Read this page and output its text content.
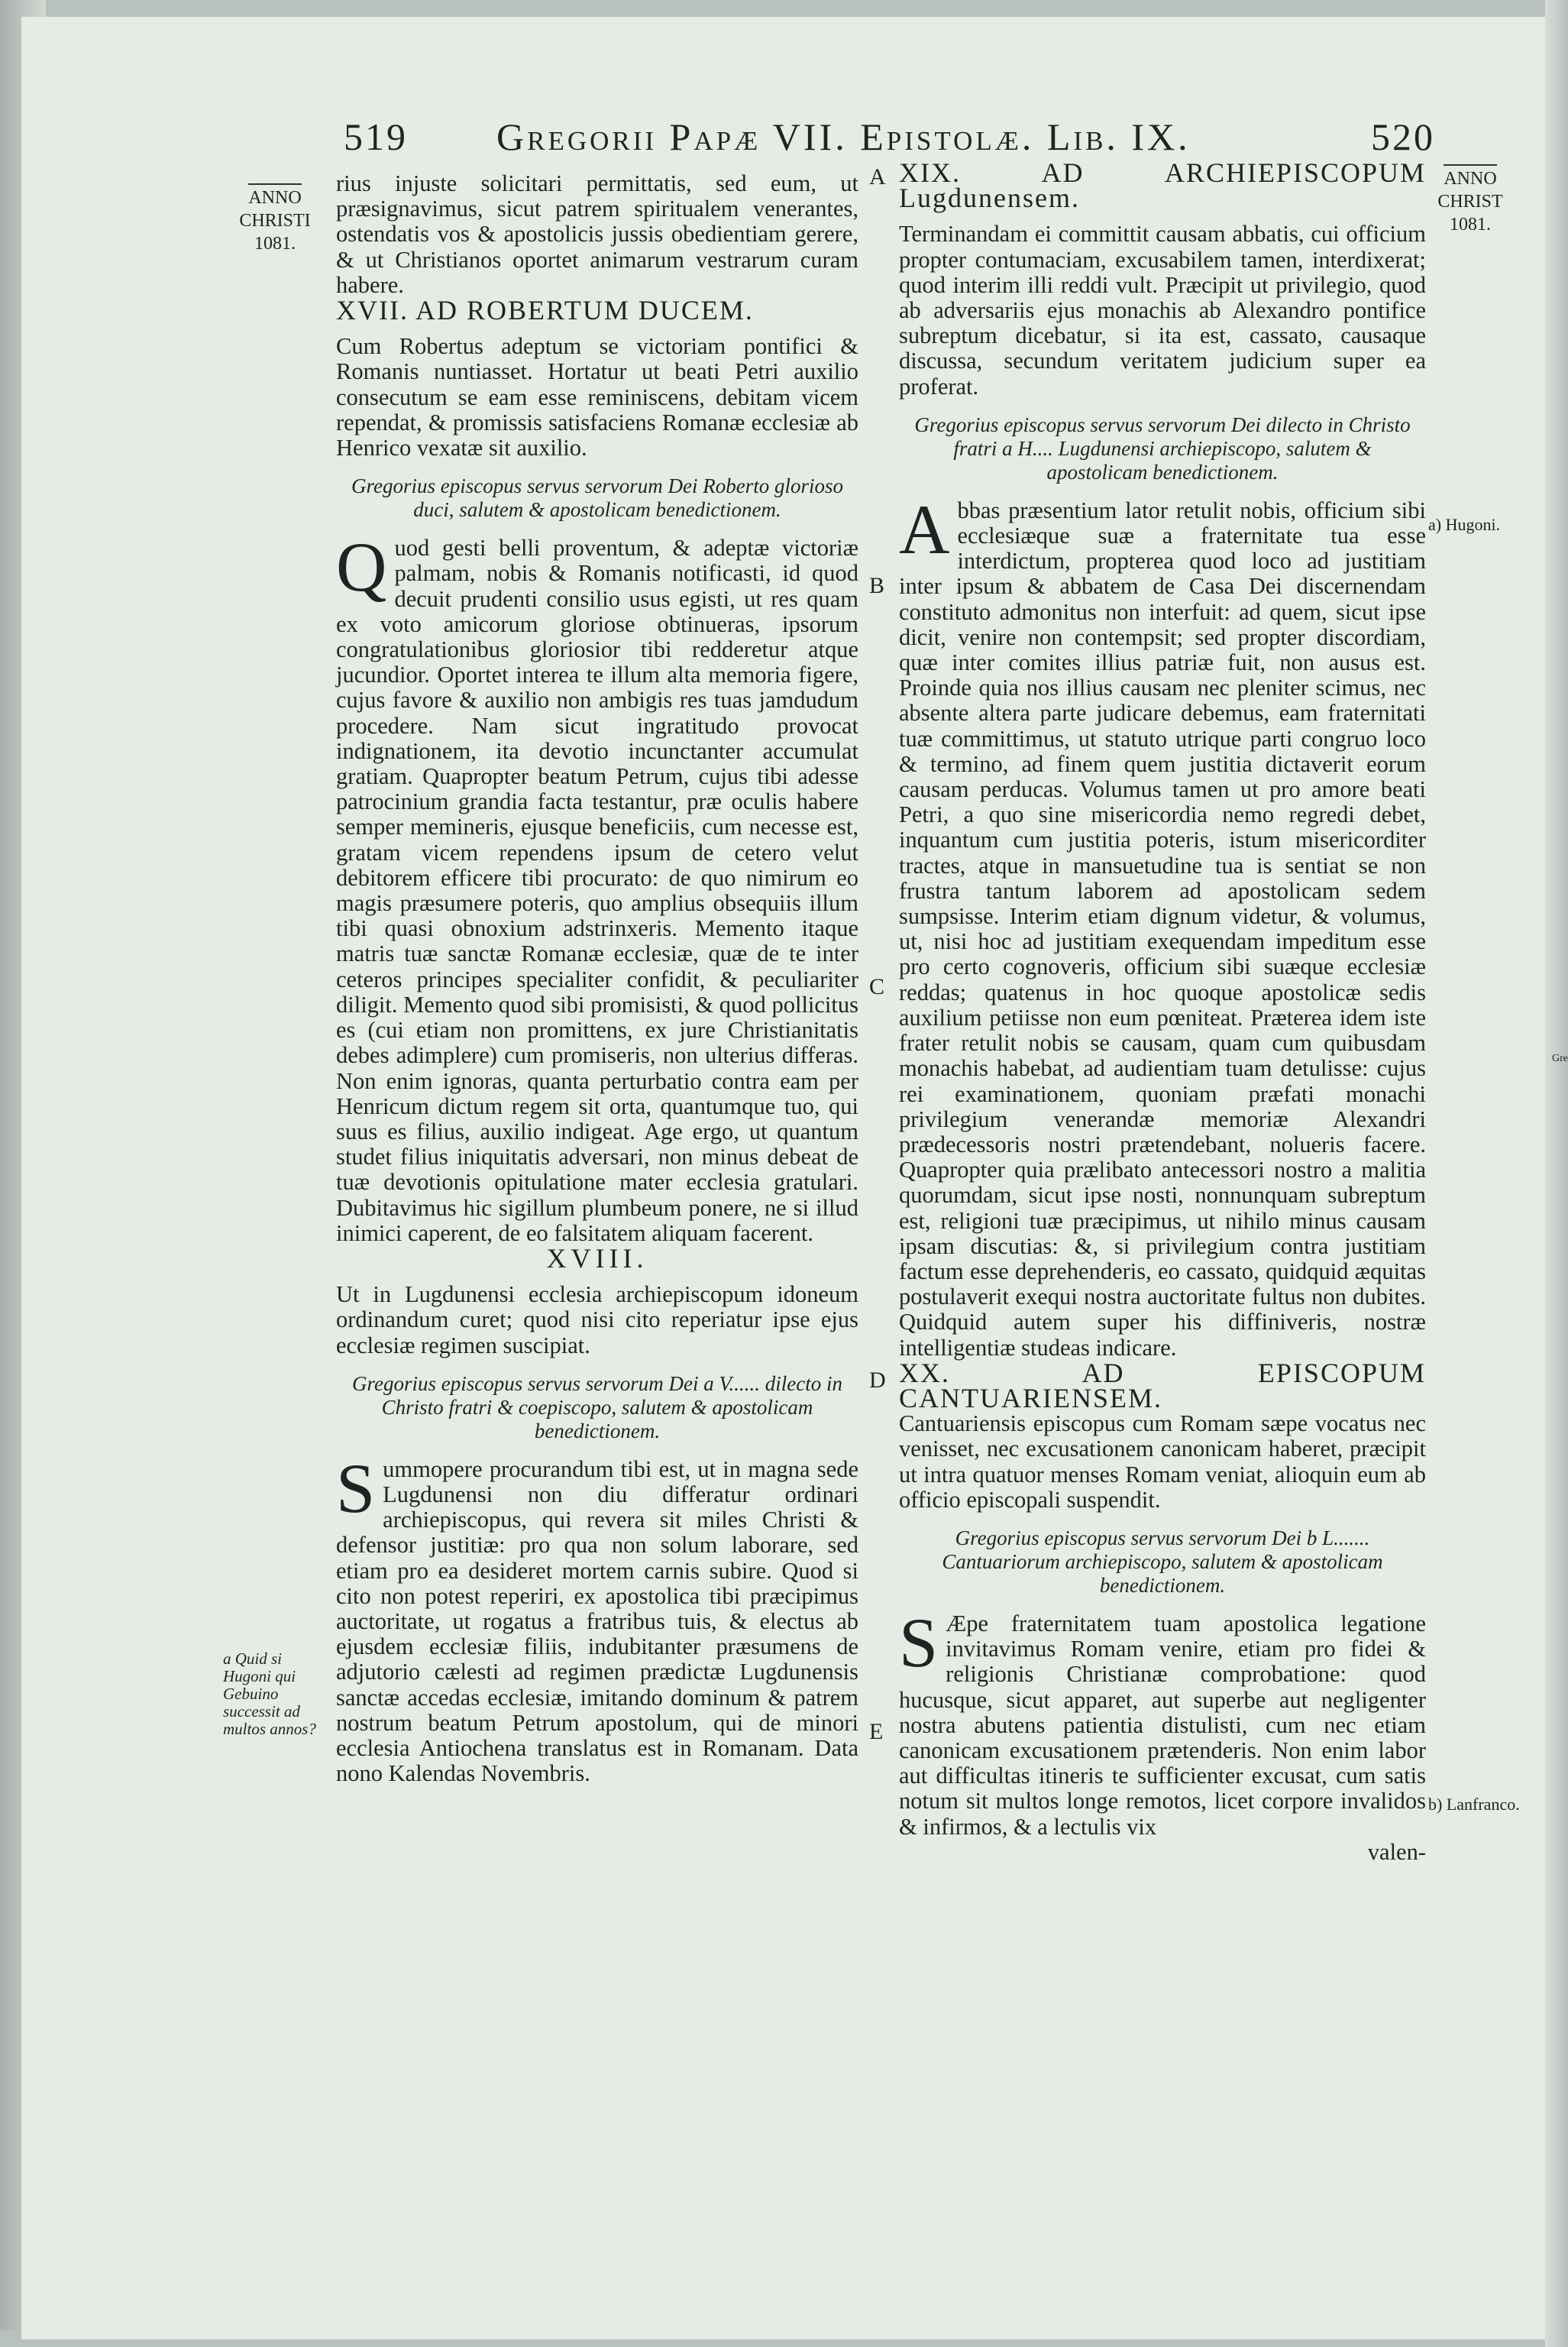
519 Gregorii Papæ VII. Epistolæ. Lib. IX.	520
ANNO
CHRISTI
1081.
ANNO
CHRIST
1081.
a) Hugoni.
b) Lanfranco.
a Quid si Hugoni qui Gebuino successit ad multos annos?
Gre
A
B
C
D
E

rius injuste solicitari permittatis, sed eum, ut præsignavimus, sicut patrem spiritualem venerantes, ostendatis vos & apostolicis jussis obedientiam gerere, & ut Christianos oportet animarum vestrarum curam habere.

XVII. AD ROBERTUM DUCEM.

Cum Robertus adeptum se victoriam pontifici & Romanis nuntiasset. Hortatur ut beati Petri auxilio consecutum se eam esse reminiscens, debitam vicem rependat, & promissis satisfaciens Romanæ ecclesiæ ab Henrico vexatæ sit auxilio.

Gregorius episcopus servus servorum Dei Roberto glorioso duci, salutem & apostolicam benedictionem.

Quod gesti belli proventum, & adeptæ victoriæ palmam, nobis & Romanis notificasti, id quod decuit prudenti consilio usus egisti, ut res quam ex voto amicorum gloriose obtinueras, ipsorum congratulationibus gloriosior tibi redderetur atque jucundior. Oportet interea te illum alta memoria figere, cujus favore & auxilio non ambigis res tuas jamdudum procedere. Nam sicut ingratitudo provocat indignationem, ita devotio incunctanter accumulat gratiam. Quapropter beatum Petrum, cujus tibi adesse patrocinium grandia facta testantur, præ oculis habere semper memineris, ejusque beneficiis, cum necesse est, gratam vicem rependens ipsum de cetero velut debitorem efficere tibi procurato: de quo nimirum eo magis præsumere poteris, quo amplius obsequiis illum tibi quasi obnoxium adstrinxeris. Memento itaque matris tuæ sanctæ Romanæ ecclesiæ, quæ de te inter ceteros principes specialiter confidit, & peculiariter diligit. Memento quod sibi promisisti, & quod pollicitus es (cui etiam non promittens, ex jure Christianitatis debes adimplere) cum promiseris, non ulterius differas. Non enim ignoras, quanta perturbatio contra eam per Henricum dictum regem sit orta, quantumque tuo, qui suus es filius, auxilio indigeat. Age ergo, ut quantum studet filius iniquitatis adversari, non minus debeat de tuæ devotionis opitulatione mater ecclesia gratulari. Dubitavimus hic sigillum plumbeum ponere, ne si illud inimici caperent, de eo falsitatem aliquam facerent.

XVIII.

Ut in Lugdunensi ecclesia archiepiscopum idoneum ordinandum curet; quod nisi cito reperiatur ipse ejus ecclesiæ regimen suscipiat.

Gregorius episcopus servus servorum Dei a V...... dilecto in Christo fratri & coepiscopo, salutem & apostolicam benedictionem.

Summopere procurandum tibi est, ut in magna sede Lugdunensi non diu differatur ordinari archiepiscopus, qui revera sit miles Christi & defensor justitiæ: pro qua non solum laborare, sed etiam pro ea desideret mortem carnis subire. Quod si cito non potest reperiri, ex apostolica tibi præcipimus auctoritate, ut rogatus a fratribus tuis, & electus ab ejusdem ecclesiæ filiis, indubitanter præsumens de adjutorio cælesti ad regimen prædictæ Lugdunensis sanctæ accedas ecclesiæ, imitando dominum & patrem nostrum beatum Petrum apostolum, qui de minori ecclesia Antiochena translatus est in Romanam. Data nono Kalendas Novembris.

XIX. AD ARCHIEPISCOPUM Lugdunensem.

Terminandam ei committit causam abbatis, cui officium propter contumaciam, excusabilem tamen, interdixerat; quod interim illi reddi vult. Præcipit ut privilegio, quod ab adversariis ejus monachis ab Alexandro pontifice subreptum dicebatur, si ita est, cassato, causaque discussa, secundum veritatem judicium super ea proferat.

Gregorius episcopus servus servorum Dei dilecto in Christo fratri a H.... Lugdunensi archiepiscopo, salutem & apostolicam benedictionem.

Abbas præsentium lator retulit nobis, officium sibi ecclesiæque suæ a fraternitate tua esse interdictum, propterea quod loco ad justitiam inter ipsum & abbatem de Casa Dei discernendam constituto admonitus non interfuit: ad quem, sicut ipse dicit, venire non contempsit; sed propter discordiam, quæ inter comites illius patriæ fuit, non ausus est. Proinde quia nos illius causam nec pleniter scimus, nec absente altera parte judicare debemus, eam fraternitati tuæ committimus, ut statuto utrique parti congruo loco & termino, ad finem quem justitia dictaverit eorum causam perducas. Volumus tamen ut pro amore beati Petri, a quo sine misericordia nemo regredi debet, inquantum cum justitia poteris, istum misericorditer tractes, atque in mansuetudine tua is sentiat se non frustra tantum laborem ad apostolicam sedem sumpsisse. Interim etiam dignum videtur, & volumus, ut, nisi hoc ad justitiam exequendam impeditum esse pro certo cognoveris, officium sibi suæque ecclesiæ reddas; quatenus in hoc quoque apostolicæ sedis auxilium petiisse non eum pœniteat. Præterea idem iste frater retulit nobis se causam, quam cum quibusdam monachis habebat, ad audientiam tuam detulisse: cujus rei examinationem, quoniam præfati monachi privilegium venerandæ memoriæ Alexandri prædecessoris nostri prætendebant, nolueris facere. Quapropter quia prælibato antecessori nostro a malitia quorumdam, sicut ipse nosti, nonnunquam subreptum est, religioni tuæ præcipimus, ut nihilo minus causam ipsam discutias: &, si privilegium contra justitiam factum esse deprehenderis, eo cassato, quidquid æquitas postulaverit exequi nostra auctoritate fultus non dubites. Quidquid autem super his diffiniveris, nostræ intelligentiæ studeas indicare.

XX. AD EPISCOPUM CANTUARIENSEM.

Cantuariensis episcopus cum Romam sæpe vocatus nec venisset, nec excusationem canonicam haberet, præcipit ut intra quatuor menses Romam veniat, alioquin eum ab officio episcopali suspendit.

Gregorius episcopus servus servorum Dei b L....... Cantuariorum archiepiscopo, salutem & apostolicam benedictionem.

S Æpe fraternitatem tuam apostolica legatione invitavimus Romam venire, etiam pro fidei & religionis Christianæ comprobatione: quod hucusque, sicut apparet, aut superbe aut negligenter nostra abutens patientia distulisti, cum nec etiam canonicam excusationem prætenderis. Non enim labor aut difficultas itineris te sufficienter excusat, cum satis notum sit multos longe remotos, licet corpore invalidos & infirmos, & a lectulis vix

valen-
